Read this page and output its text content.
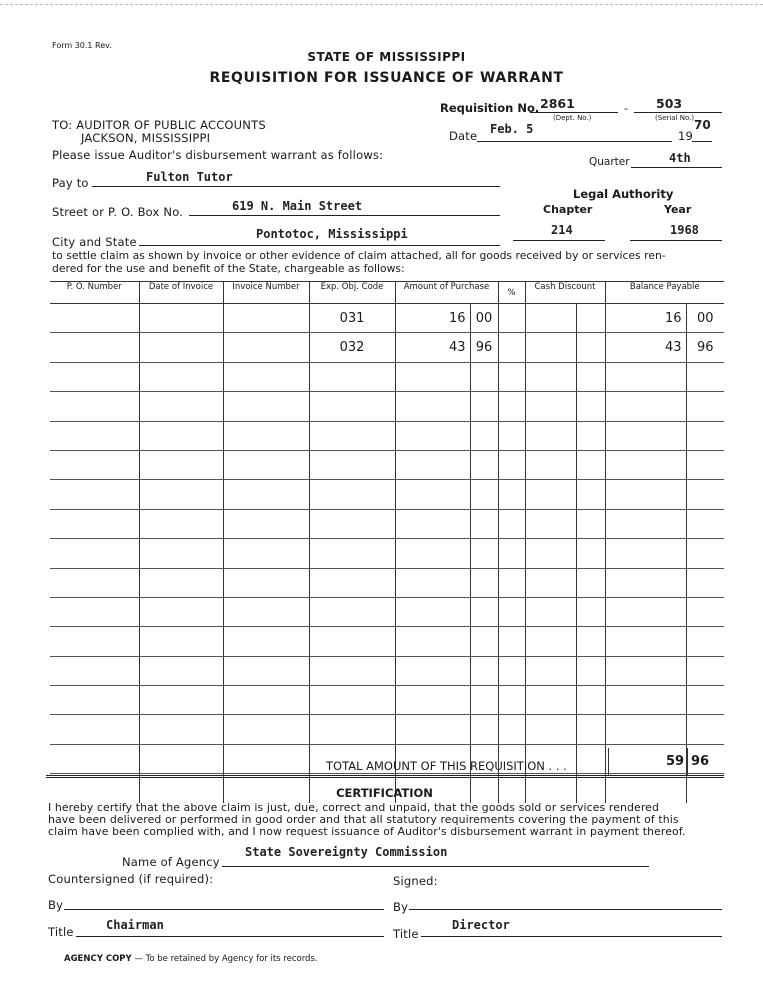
Form 30.1 Rev.
STATE OF MISSISSIPPI
REQUISITION FOR ISSUANCE OF WARRANT
Requisition No. 2861	- 503
(Dept. No.)	(Serial No.)
TO: AUDITOR OF PUBLIC ACCOUNTS
JACKSON, MISSISSIPPI
Please issue Auditor's disbursement warrant as follows:
Date Feb. 5	19
70
Quarter	4th
Pay to	Fulton Tutor
Legal Authority
Chapter	Year
214	1968
Street or P. O. Box No.	619 N. Main Street
City and State
Pontotoc, Mississippi
to settle claim as shown by invoice or other evidence of claim attached, all for goods received by or services ren-
dered for the use and benefit of the State, chargeable as follows:
P. O. Number	Date of Invoice	Invoice Number	Exp. Obj. Code	Amount of Purchase		%	Cash Discount		Balance Payable	
			031	16	00				16	00
			032	43	96				43	96

TOTAL AMOUNT OF THIS REQUISITION . . .	59 96
CERTIFICATION
I hereby certify that the above claim is just, due, correct and unpaid, that the goods sold or services rendered
have been delivered or performed in good order and that all statutory requirements covering the payment of this
claim have been complied with, and I now request issuance of Auditor's disbursement warrant in payment thereof.
Name of Agency
State Sovereignty Commission
Countersigned (if required):	Signed:
By	By
Title	Chairman
Title
Director
AGENCY COPY — To be retained by Agency for its records.
